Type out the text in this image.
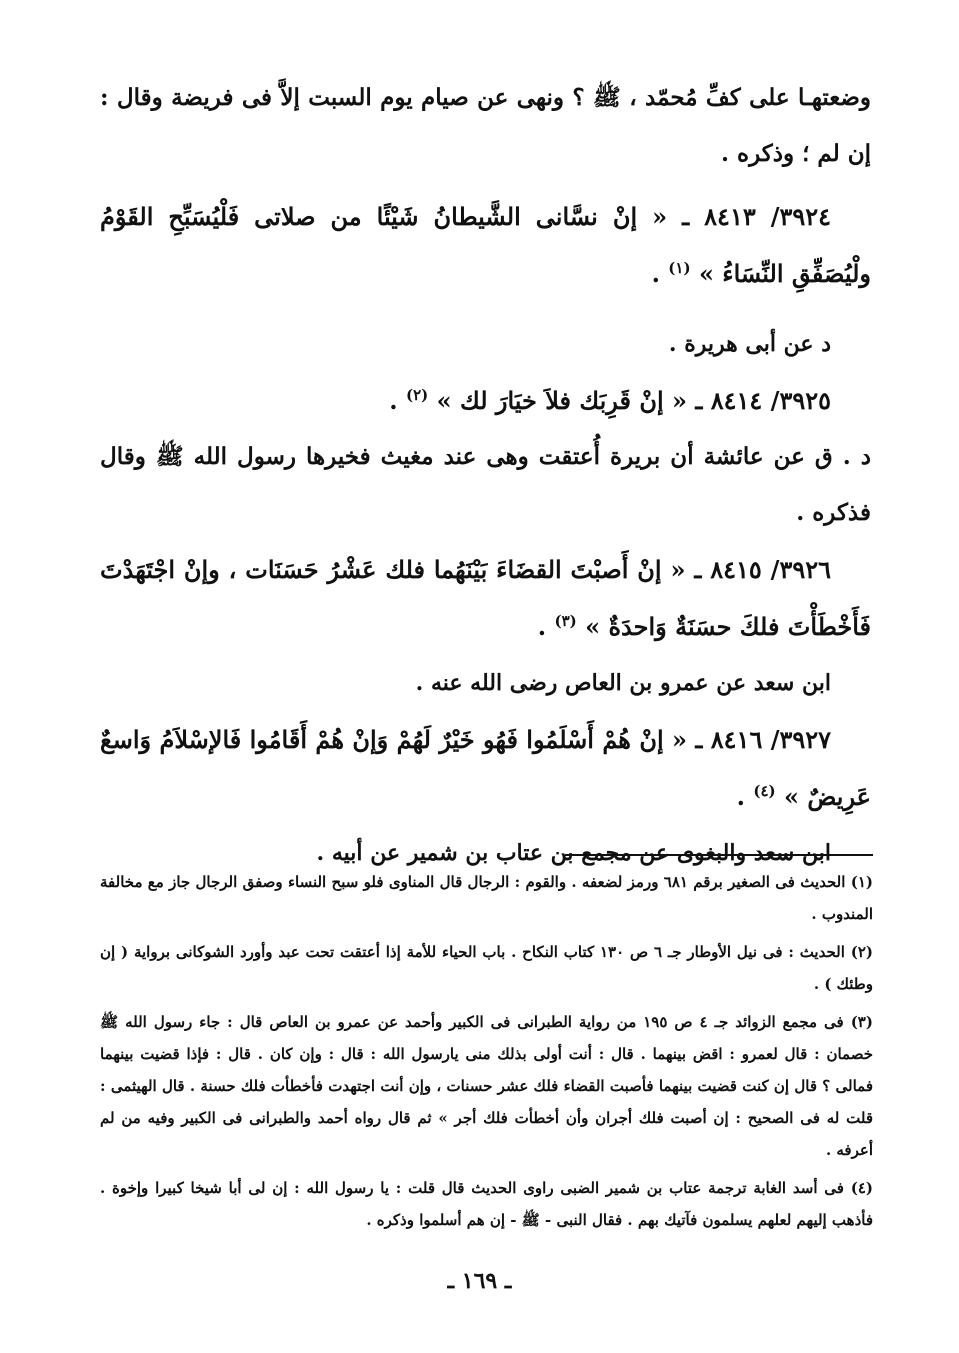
وضعتهـا على كفِّ مُحمّد ، ﷺ ؟ ونهى عن صيام يوم السبت إلاَّ فى فريضة وقال : إن لم ؛ وذكره .

٣٩٢٤/ ٨٤١٣ ـ « إنْ نسَّانى الشَّيطانُ شَيْئًا من صلاتى فَلْيُسَبِّحِ القَوْمُ ولْيُصَفِّقِ النِّسَاءُ » $^{(١)}$ .

د عن أبى هريرة .

٣٩٢٥/ ٨٤١٤ ـ « إنْ قَرِبَك فلاَ خيَارَ لك » $^{(٢)}$ .

د . ق عن عائشة أن بريرة أُعتقت وهى عند مغيث فخيرها رسول الله ﷺ وقال فذكره .

٣٩٢٦/ ٨٤١٥ ـ « إنْ أَصبْتَ القضَاءَ بَيْنَهُما فلك عَشْرُ حَسَنَات ، وإنْ اجْتَهَدْتَ فَأَخْطَأْتَ فلكَ حسَنَةٌ وَاحدَةٌ » $^{(٣)}$ .

ابن سعد عن عمرو بن العاص رضى الله عنه .

٣٩٢٧/ ٨٤١٦ ـ « إنْ هُمْ أَسْلَمُوا فَهُو خَيْرٌ لَهُمْ وَإنْ هُمْ أَقَامُوا فَالإسْلاَمُ وَاسعٌ عَرِيضٌ » $^{(٤)}$ .

ابن سعد والبغوى عن مجمع بن عتاب بن شمير عن أبيه .

(١) الحديث فى الصغير برقم ٦٨١ ورمز لضعفه . والقوم : الرجال قال المناوى فلو سبح النساء وصفق الرجال جاز مع مخالفة المندوب .

(٢) الحديث : فى نيل الأوطار جـ ٦ ص ١٣٠ كتاب النكاح . باب الحياء للأمة إذا أعتقت تحت عبد وأورد الشوكانى برواية ( إن وطئك ) .

(٣) فى مجمع الزوائد جـ ٤ ص ١٩٥ من رواية الطبرانى فى الكبير وأحمد عن عمرو بن العاص قال : جاء رسول الله ﷺ خصمان : قال لعمرو : اقض بينهما . قال : أنت أولى بذلك منى يارسول الله : قال : وإن كان . قال : فإذا قضيت بينهما فمالى ؟ قال إن كنت قضيت بينهما فأصبت القضاء فلك عشر حسنات ، وإن أنت اجتهدت فأخطأت فلك حسنة . قال الهيثمى : قلت له فى الصحيح : إن أصبت فلك أجران وأن أخطأت فلك أجر » ثم قال رواه أحمد والطبرانى فى الكبير وفيه من لم أعرفه .

(٤) فى أسد الغابة ترجمة عتاب بن شمير الضبى راوى الحديث قال قلت : يا رسول الله : إن لى أبا شيخا كبيرا وإخوة . فأذهب إليهم لعلهم يسلمون فآتيك بهم . فقال النبى - ﷺ - إن هم أسلموا وذكره .

ـ ١٦٩ ـ
